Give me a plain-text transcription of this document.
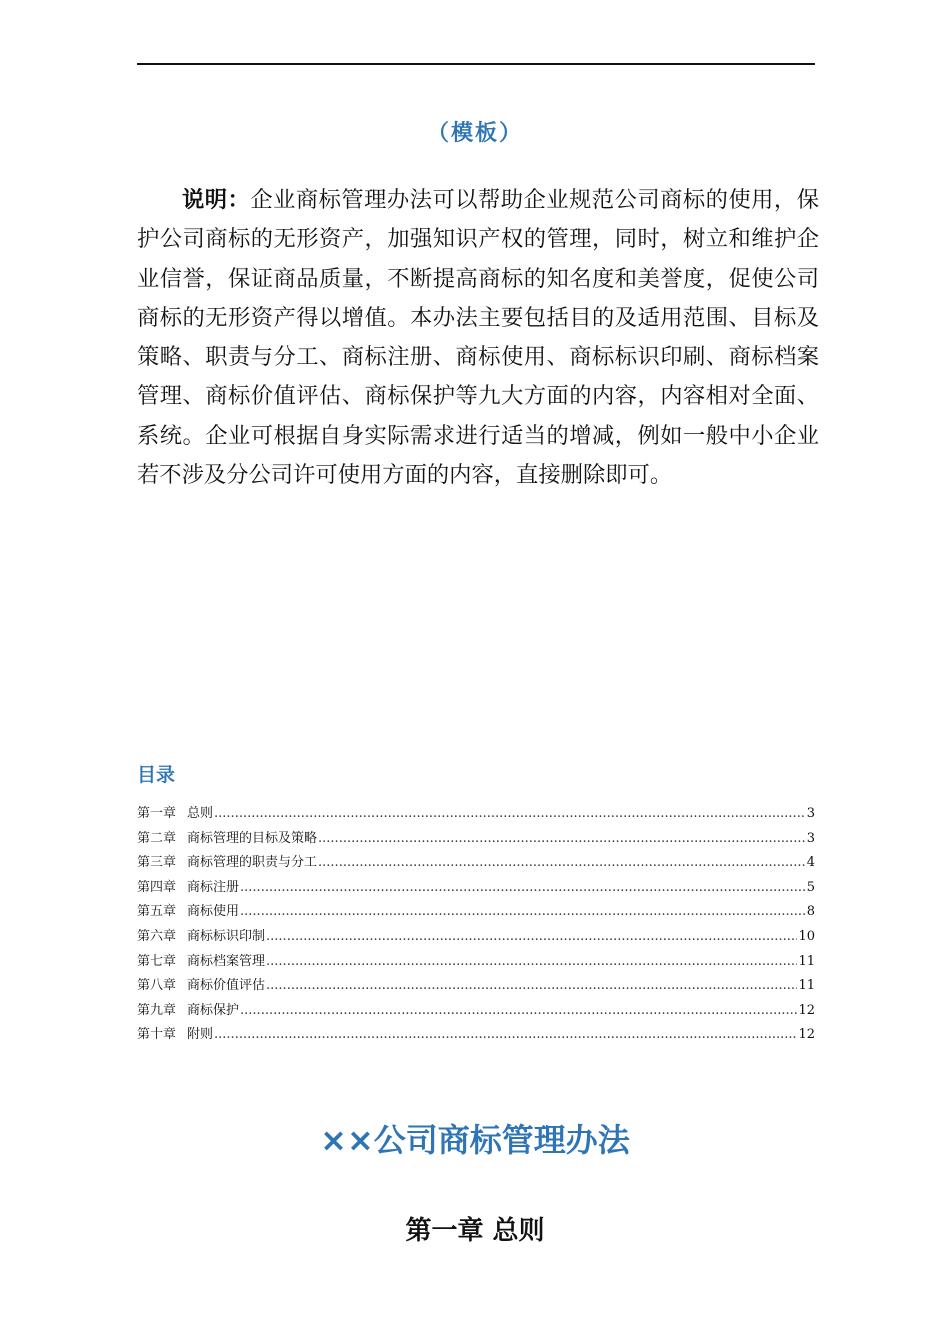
（模板）

说明：企业商标管理办法可以帮助企业规范公司商标的使用，保护公司商标的无形资产，加强知识产权的管理，同时，树立和维护企业信誉，保证商品质量，不断提高商标的知名度和美誉度，促使公司商标的无形资产得以增值。本办法主要包括目的及适用范围、目标及策略、职责与分工、商标注册、商标使用、商标标识印刷、商标档案管理、商标价值评估、商标保护等九大方面的内容，内容相对全面、系统。企业可根据自身实际需求进行适当的增减，例如一般中小企业若不涉及分公司许可使用方面的内容，直接删除即可。

目录
第一章 总则 .....	3
第二章 商标管理的目标及策略 .....	3
第三章 商标管理的职责与分工 .....	4
第四章 商标注册 .....	5
第五章 商标使用 .....	8
第六章 商标标识印制 .....	10
第七章 商标档案管理 .....	11
第八章 商标价值评估 .....	11
第九章 商标保护 .....	12
第十章 附则 .....	12
××公司商标管理办法
第一章 总则
